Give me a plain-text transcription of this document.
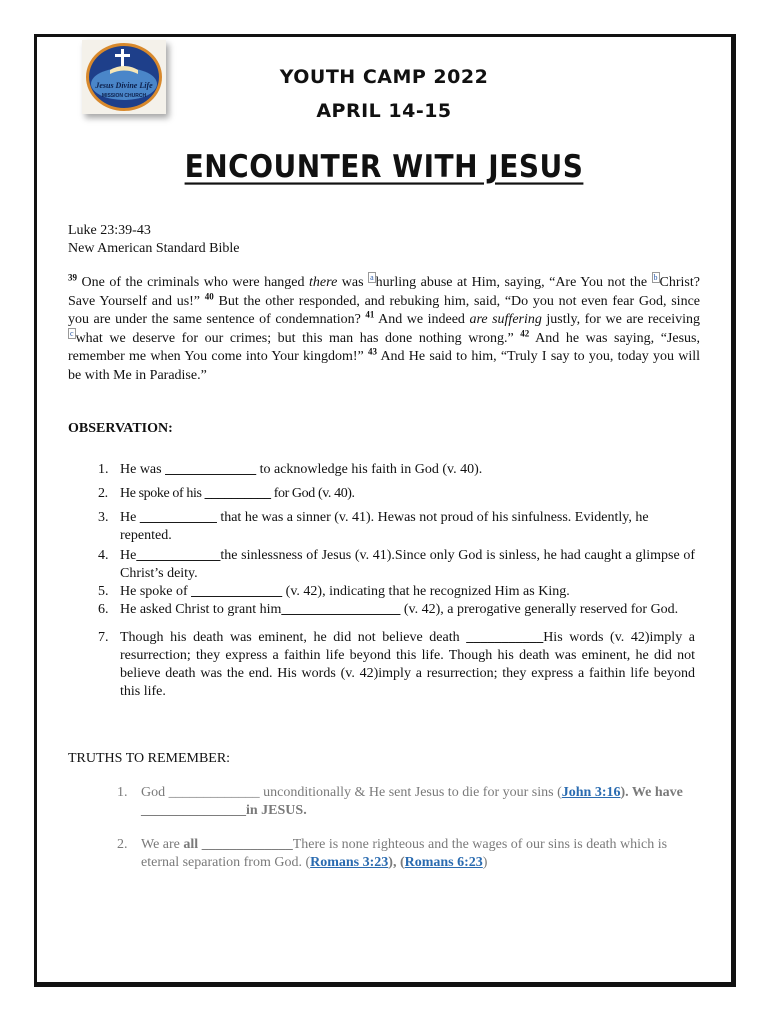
Jesus Divine Life
MISSION CHURCH
YOUTH CAMP 2022
APRIL 14-15
ENCOUNTER WITH JESUS
Luke 23:39-43
New American Standard Bible
$^{39}$ One of the criminals who were hanged there was $^a$ hurling abuse at Him, saying, “Are You not the $^b$ Christ? Save Yourself and us!” $^{40}$ But the other responded, and rebuking him, said, “Do you not even fear God, since you are under the same sentence of condemnation? $^{41}$ And we indeed are suffering justly, for we are receiving $^c$ what we deserve for our crimes; but this man has done nothing wrong.” $^{42}$ And he was saying, “Jesus, remember me when You come into Your kingdom!” $^{43}$ And He said to him, “Truly I say to you, today you will be with Me in Paradise.”
OBSERVATION:
1. He was _____________ to acknowledge his faith in God (v. 40).
2. He spoke of his __________ for God (v. 40).
3. He ___________ that he was a sinner (v. 41). Hewas not proud of his sinfulness. Evidently, he repented.
4. He____________the sinlessness of Jesus (v. 41).Since only God is sinless, he had caught a glimpse of Christ’s deity.
5. He spoke of _____________ (v. 42), indicating that he recognized Him as King.
6. He asked Christ to grant him_________________ (v. 42), a prerogative generally reserved for God.
7. Though his death was eminent, he did not believe death ___________His words (v. 42)imply a resurrection; they express a faithin life beyond this life. Though his death was eminent, he did not believe death was the end. His words (v. 42)imply a resurrection; they express a faithin life beyond this life.
TRUTHS TO REMEMBER:
1. God _____________ unconditionally & He sent Jesus to die for your sins (John 3:16). We have _______________in JESUS.
2. We are all _____________There is none righteous and the wages of our sins is death which is eternal separation from God. (Romans 3:23), (Romans 6:23)
